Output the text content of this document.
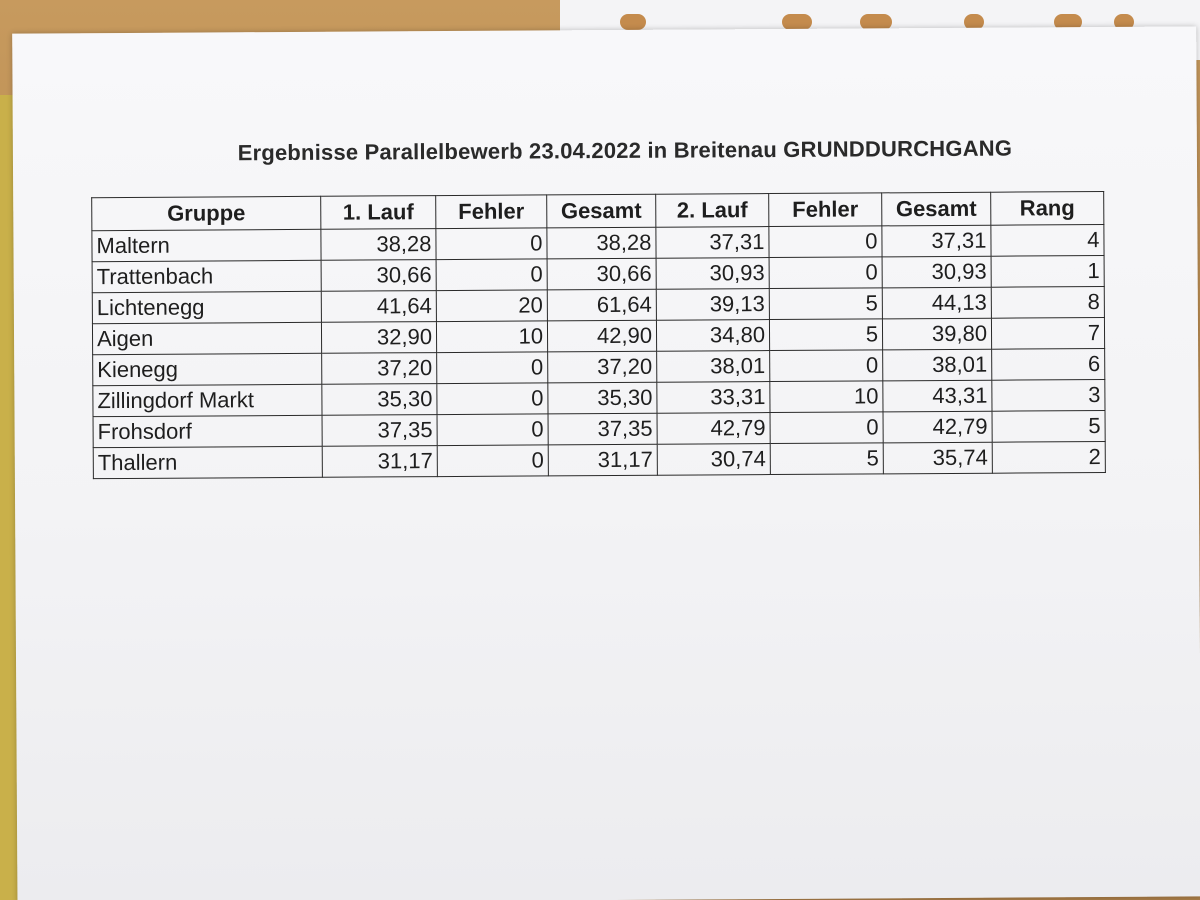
Ergebnisse Parallelbewerb 23.04.2022 in Breitenau GRUNDDURCHGANG
Gruppe	1. Lauf	Fehler	Gesamt	2. Lauf	Fehler	Gesamt	Rang
Maltern	38,28	0	38,28	37,31	0	37,31	4
Trattenbach	30,66	0	30,66	30,93	0	30,93	1
Lichtenegg	41,64	20	61,64	39,13	5	44,13	8
Aigen	32,90	10	42,90	34,80	5	39,80	7
Kienegg	37,20	0	37,20	38,01	0	38,01	6
Zillingdorf Markt	35,30	0	35,30	33,31	10	43,31	3
Frohsdorf	37,35	0	37,35	42,79	0	42,79	5
Thallern	31,17	0	31,17	30,74	5	35,74	2
